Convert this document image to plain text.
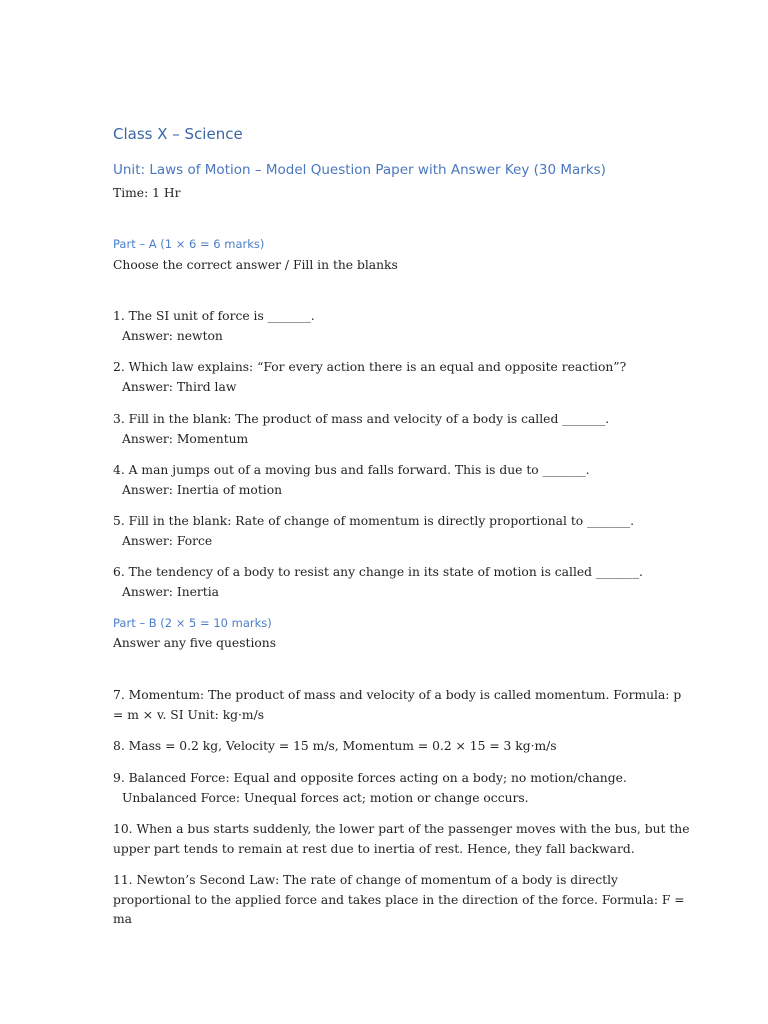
Class X – Science
Unit: Laws of Motion – Model Question Paper with Answer Key (30 Marks)
Time: 1 Hr
Part – A (1 × 6 = 6 marks)
Choose the correct answer / Fill in the blanks
1. The SI unit of force is _______.
Answer: newton
2. Which law explains: “For every action there is an equal and opposite reaction”?
Answer: Third law
3. Fill in the blank: The product of mass and velocity of a body is called _______.
Answer: Momentum
4. A man jumps out of a moving bus and falls forward. This is due to _______.
Answer: Inertia of motion
5. Fill in the blank: Rate of change of momentum is directly proportional to _______.
Answer: Force
6. The tendency of a body to resist any change in its state of motion is called _______.
Answer: Inertia
Part – B (2 × 5 = 10 marks)
Answer any five questions
7. Momentum: The product of mass and velocity of a body is called momentum. Formula: p
= m × v. SI Unit: kg·m/s
8. Mass = 0.2 kg, Velocity = 15 m/s, Momentum = 0.2 × 15 = 3 kg·m/s
9. Balanced Force: Equal and opposite forces acting on a body; no motion/change.
Unbalanced Force: Unequal forces act; motion or change occurs.
10. When a bus starts suddenly, the lower part of the passenger moves with the bus, but the
upper part tends to remain at rest due to inertia of rest. Hence, they fall backward.
11. Newton’s Second Law: The rate of change of momentum of a body is directly
proportional to the applied force and takes place in the direction of the force. Formula: F =
ma
